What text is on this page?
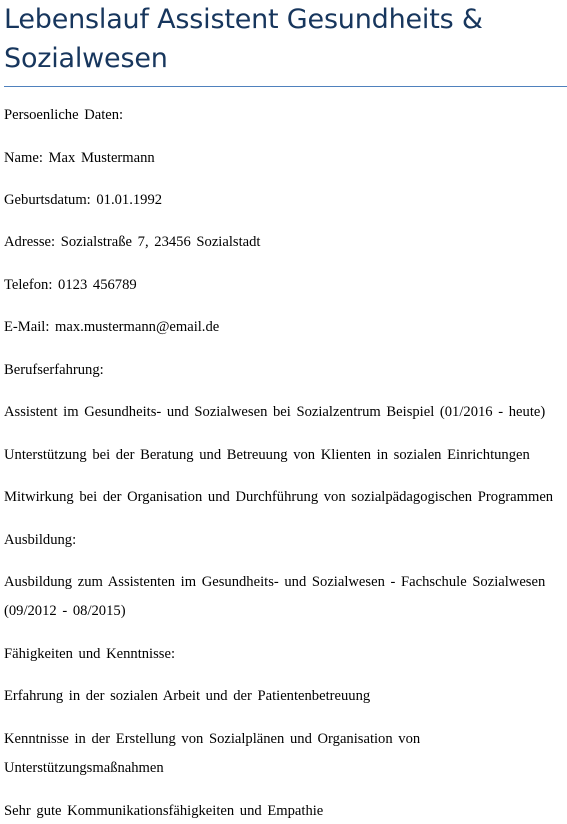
Lebenslauf Assistent Gesundheits & Sozialwesen
Persoenliche Daten:
Name: Max Mustermann
Geburtsdatum: 01.01.1992
Adresse: Sozialstraße 7, 23456 Sozialstadt
Telefon: 0123 456789
E-Mail: max.mustermann@email.de
Berufserfahrung:
Assistent im Gesundheits- und Sozialwesen bei Sozialzentrum Beispiel (01/2016 - heute)
Unterstützung bei der Beratung und Betreuung von Klienten in sozialen Einrichtungen
Mitwirkung bei der Organisation und Durchführung von sozialpädagogischen Programmen
Ausbildung:
Ausbildung zum Assistenten im Gesundheits- und Sozialwesen - Fachschule Sozialwesen
(09/2012 - 08/2015)
Fähigkeiten und Kenntnisse:
Erfahrung in der sozialen Arbeit und der Patientenbetreuung
Kenntnisse in der Erstellung von Sozialplänen und Organisation von
Unterstützungsmaßnahmen
Sehr gute Kommunikationsfähigkeiten und Empathie
